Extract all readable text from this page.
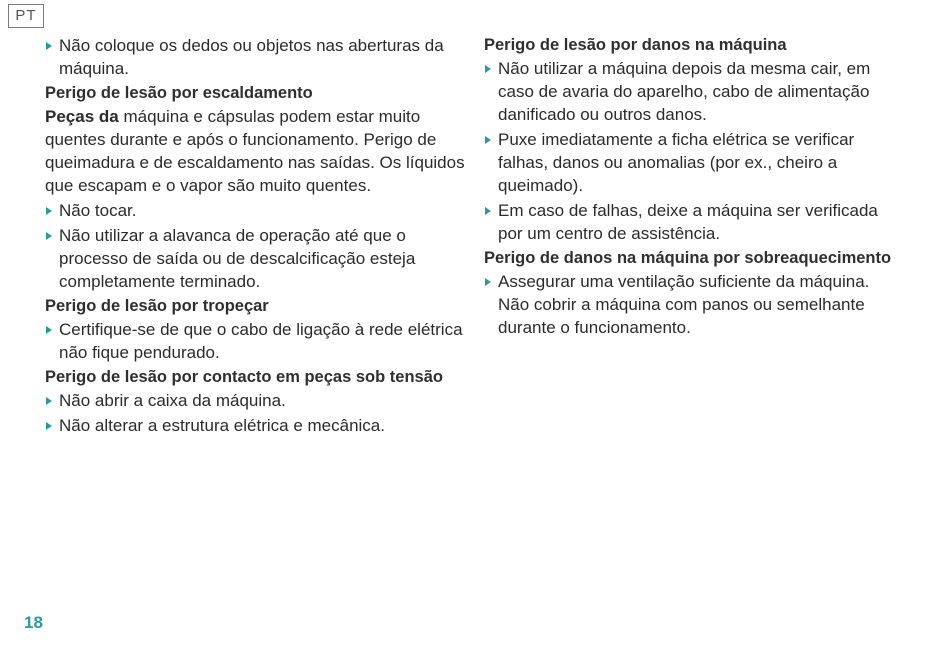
PT
Não coloque os dedos ou objetos nas aberturas da máquina.

Perigo de lesão por escaldamento

Peças da máquina e cápsulas podem estar muito quentes durante e após o funcionamento. Perigo de queimadura e de escaldamento nas saídas. Os líquidos que escapam e o vapor são muito quentes.

Não tocar.
Não utilizar a alavanca de operação até que o processo de saída ou de descalcificação esteja completamente terminado.

Perigo de lesão por tropeçar

Certifique-se de que o cabo de ligação à rede elétrica não fique pendurado.

Perigo de lesão por contacto em peças sob tensão

Não abrir a caixa da máquina.
Não alterar a estrutura elétrica e mecânica.

Perigo de lesão por danos na máquina

Não utilizar a máquina depois da mesma cair, em caso de avaria do aparelho, cabo de alimentação danificado ou outros danos.
Puxe imediatamente a ficha elétrica se verificar falhas, danos ou anomalias (por ex., cheiro a queimado).
Em caso de falhas, deixe a máquina ser verificada por um centro de assistência.

Perigo de danos na máquina por sobreaquecimento

Assegurar uma ventilação suficiente da máquina. Não cobrir a máquina com panos ou semelhante durante o funcionamento.
18
